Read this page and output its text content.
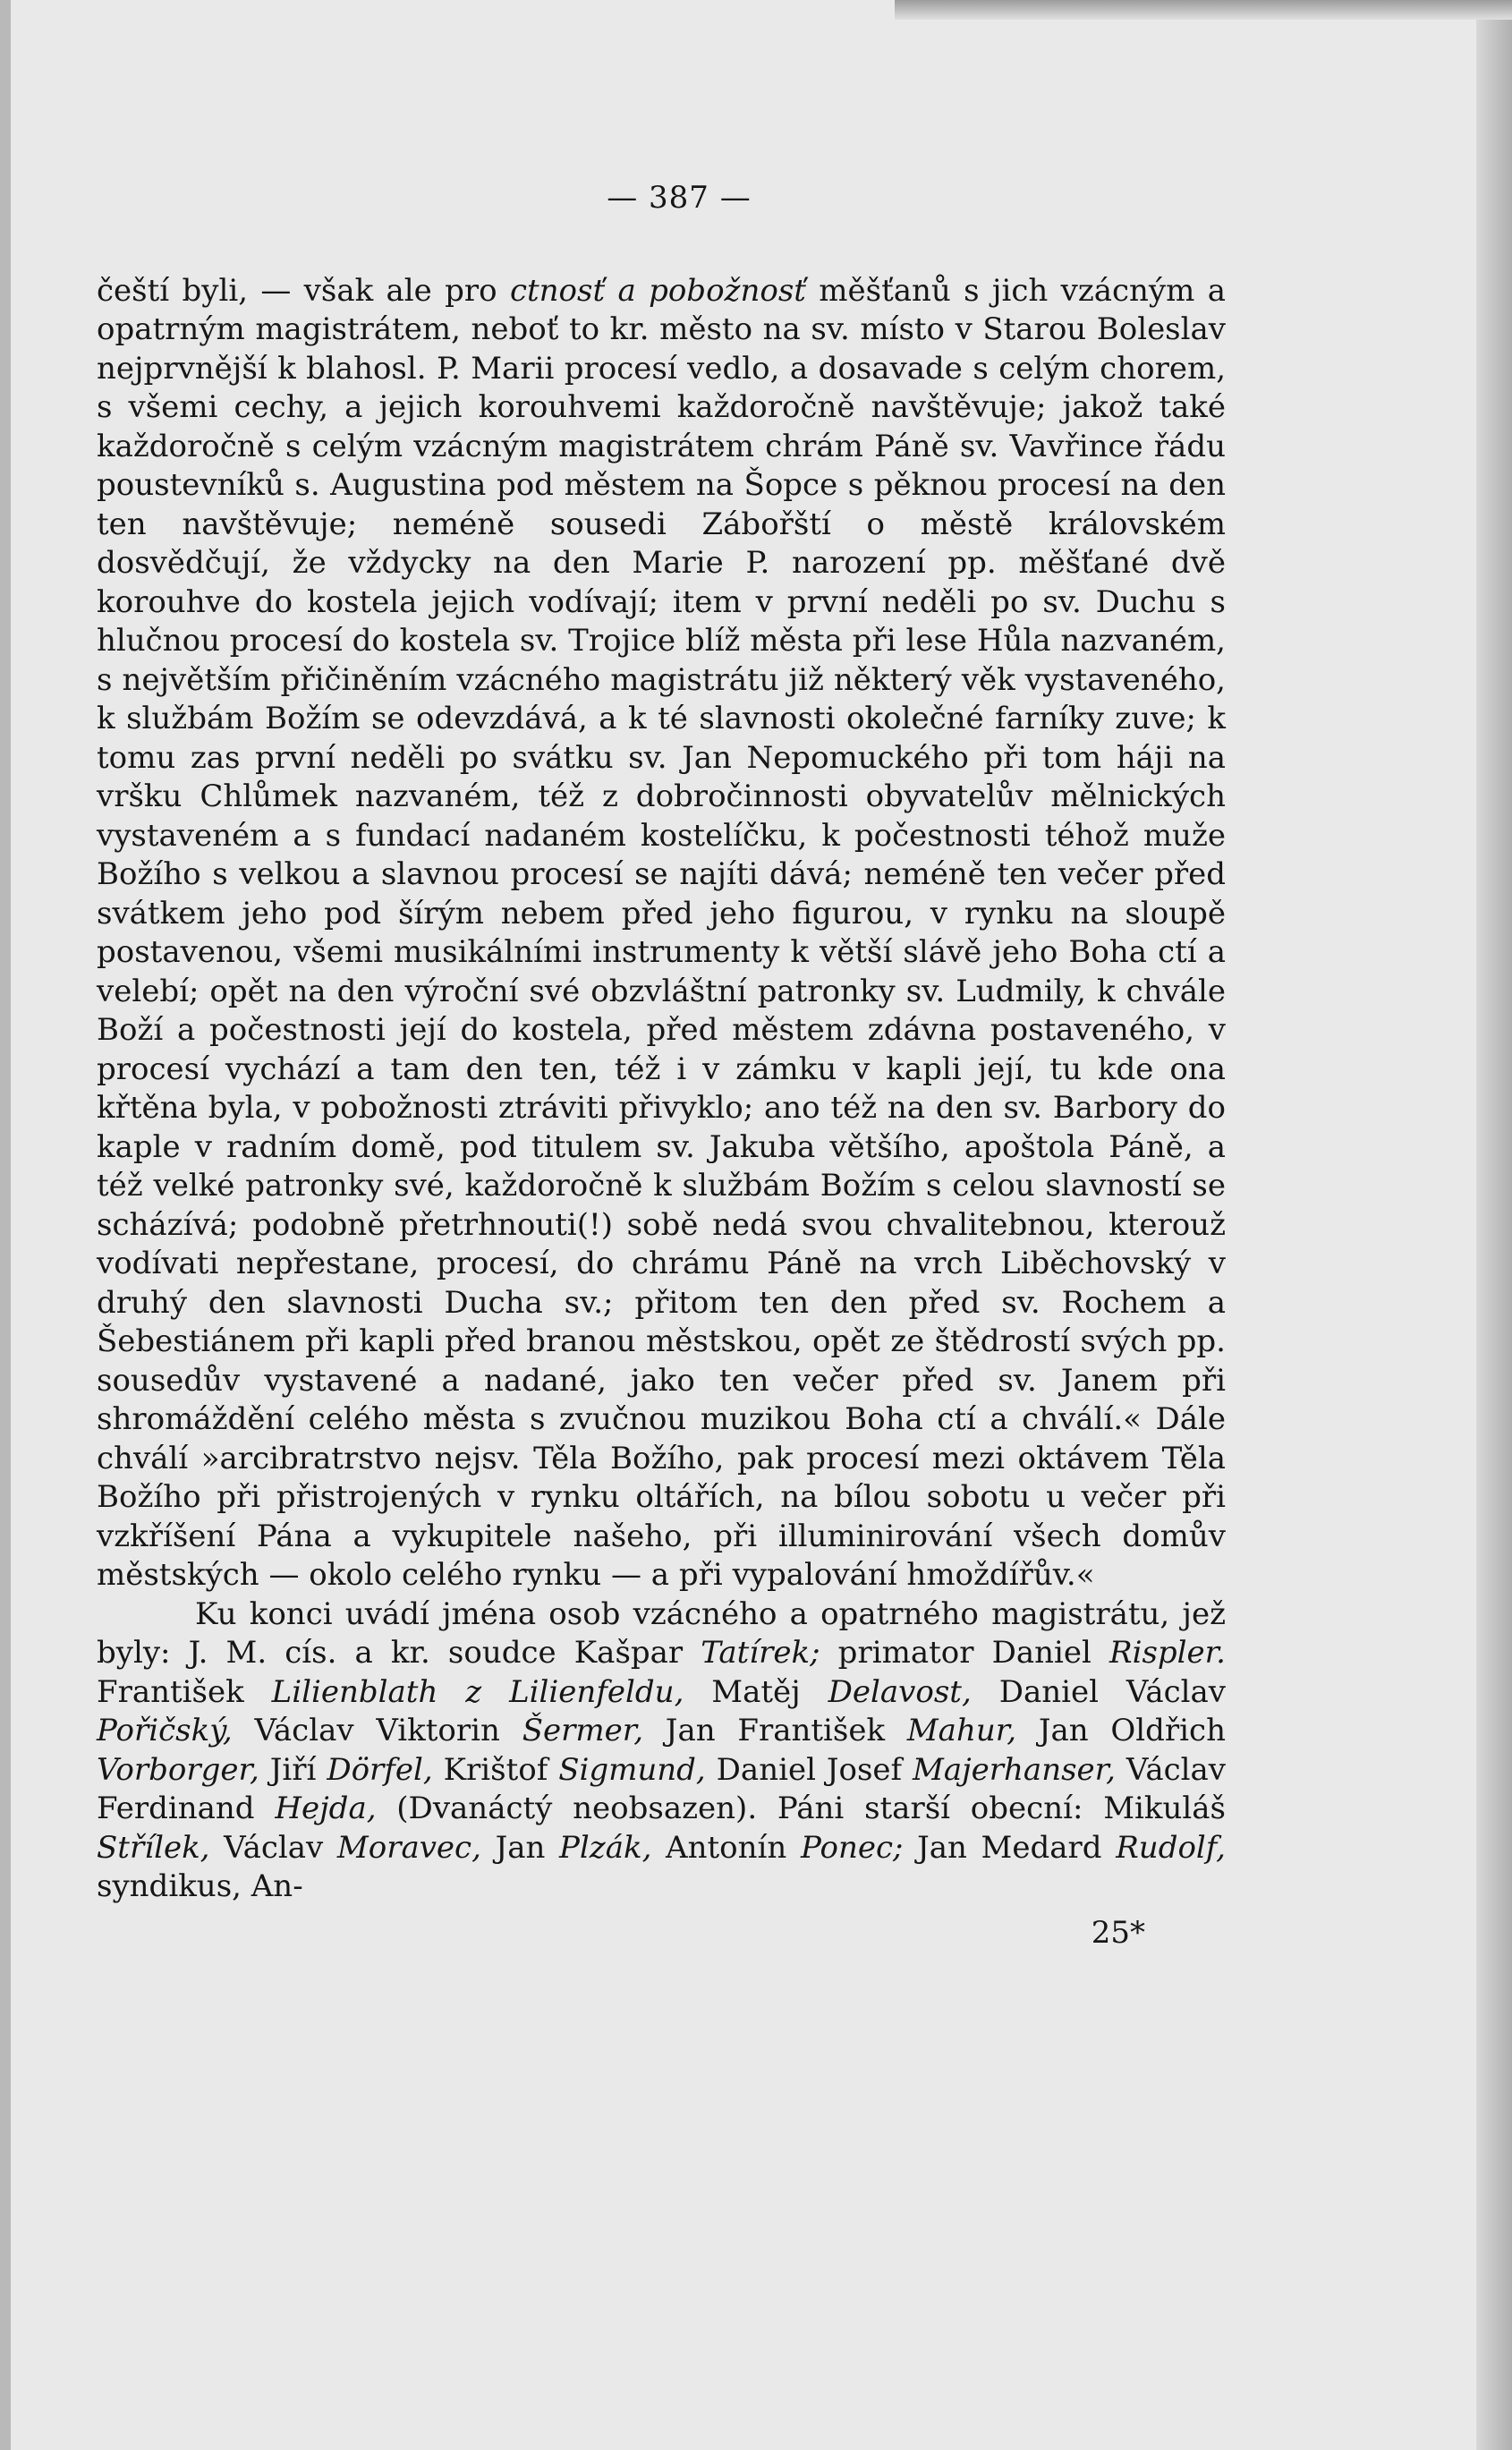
— 387 —

čeští byli, — však ale pro ctnosť a pobožnosť měšťanů s jich vzácným a opatrným magistrátem, neboť to kr. město na sv. místo v Starou Boleslav nejprvnější k blahosl. P. Marii procesí vedlo, a dosavade s celým chorem, s všemi cechy, a jejich korouhvemi každoročně navštěvuje; jakož také každoročně s celým vzácným magistrátem chrám Páně sv. Vavřince řádu poustevníků s. Augustina pod městem na Šopce s pěknou procesí na den ten navštěvuje; neméně sousedi Zábořští o městě královském dosvědčují, že vždycky na den Marie P. narození pp. měšťané dvě korouhve do kostela jejich vodívají; item v první neděli po sv. Duchu s hlučnou procesí do kostela sv. Trojice blíž města při lese Hůla nazvaném, s největším přičiněním vzácného magistrátu již některý věk vystaveného, k službám Božím se odevzdává, a k té slavnosti okolečné farníky zuve; k tomu zas první neděli po svátku sv. Jan Nepomuckého při tom háji na vršku Chlůmek nazvaném, též z dobročinnosti obyvatelův mělnických vystaveném a s fundací nadaném kostelíčku, k počestnosti téhož muže Božího s velkou a slavnou procesí se najíti dává; neméně ten večer před svátkem jeho pod šírým nebem před jeho figurou, v rynku na sloupě postavenou, všemi musikálními instrumenty k větší slávě jeho Boha ctí a velebí; opět na den výroční své obzvláštní patronky sv. Ludmily, k chvále Boží a počestnosti její do kostela, před městem zdávna postaveného, v procesí vychází a tam den ten, též i v zámku v kapli její, tu kde ona křtěna byla, v pobožnosti ztráviti přivyklo; ano též na den sv. Barbory do kaple v radním domě, pod titulem sv. Jakuba většího, apoštola Páně, a též velké patronky své, každoročně k službám Božím s celou slavností se scházívá; podobně přetrhnouti(!) sobě nedá svou chvalitebnou, kterouž vodívati nepřestane, procesí, do chrámu Páně na vrch Liběchovský v druhý den slavnosti Ducha sv.; přitom ten den před sv. Rochem a Šebestiánem při kapli před branou městskou, opět ze štědrostí svých pp. sousedův vystavené a nadané, jako ten večer před sv. Janem při shromáždění celého města s zvučnou muzikou Boha ctí a chválí.« Dále chválí »arcibratrstvo nejsv. Těla Božího, pak procesí mezi oktávem Těla Božího při přistrojených v rynku oltářích, na bílou sobotu u večer při vzkříšení Pána a vykupitele našeho, při illuminirování všech domův městských — okolo celého rynku — a při vypalování hmoždířův.«

Ku konci uvádí jména osob vzácného a opatrného magistrátu, jež byly: J. M. cís. a kr. soudce Kašpar Tatírek; primator Daniel Rispler. František Lilienblath z Lilienfeldu, Matěj Delavost, Daniel Václav Pořičský, Václav Viktorin Šermer, Jan František Mahur, Jan Oldřich Vorborger, Jiří Dörfel, Krištof Sigmund, Daniel Josef Majerhanser, Václav Ferdinand Hejda, (Dvanáctý neobsazen). Páni starší obecní: Mikuláš Střílek, Václav Moravec, Jan Plzák, Antonín Ponec; Jan Medard Rudolf, syndikus, An-

25*
